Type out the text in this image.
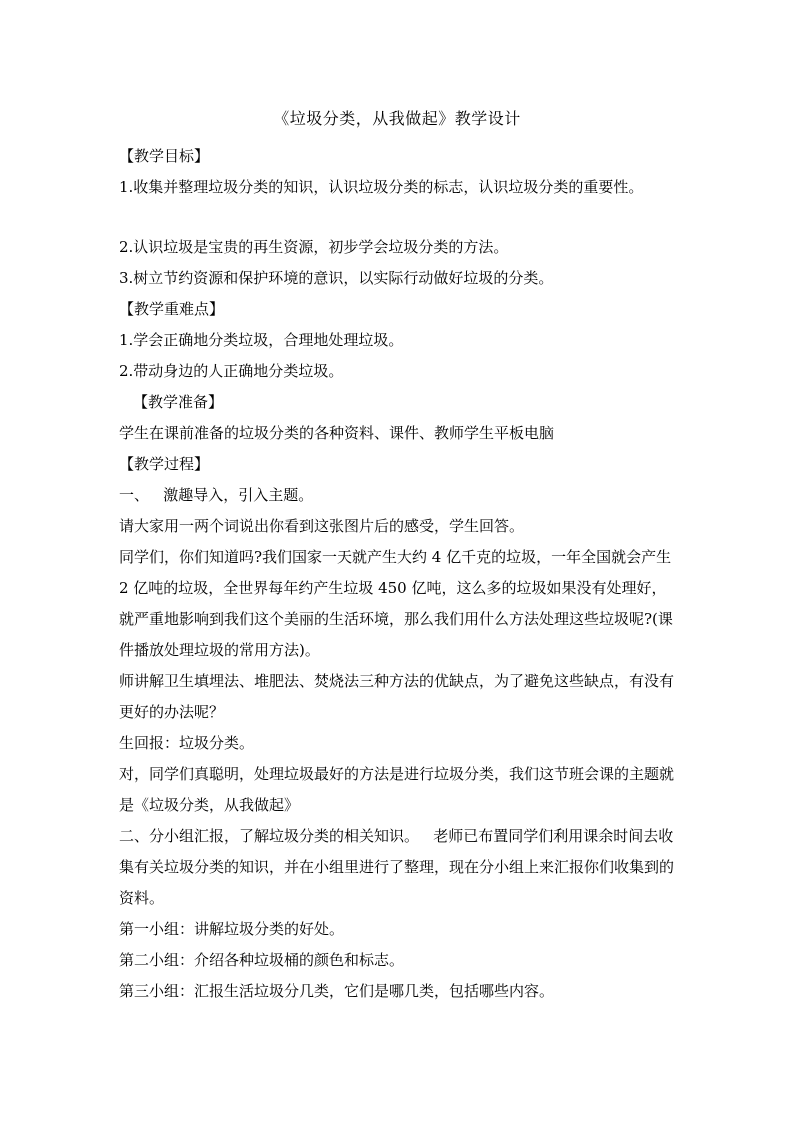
《垃圾分类，从我做起》教学设计

【教学目标】

1.收集并整理垃圾分类的知识，认识垃圾分类的标志，认识垃圾分类的重要性。

2.认识垃圾是宝贵的再生资源，初步学会垃圾分类的方法。

3.树立节约资源和保护环境的意识，以实际行动做好垃圾的分类。

【教学重难点】

1.学会正确地分类垃圾，合理地处理垃圾。

2.带动身边的人正确地分类垃圾。

【教学准备】

学生在课前准备的垃圾分类的各种资料、课件、教师学生平板电脑

【教学过程】

一、   激趣导入，引入主题。

请大家用一两个词说出你看到这张图片后的感受，学生回答。

同学们，你们知道吗?我们国家一天就产生大约 4 亿千克的垃圾，一年全国就会产生 2 亿吨的垃圾，全世界每年约产生垃圾 450 亿吨，这么多的垃圾如果没有处理好，就严重地影响到我们这个美丽的生活环境，那么我们用什么方法处理这些垃圾呢?(课件播放处理垃圾的常用方法)。

师讲解卫生填埋法、堆肥法、焚烧法三种方法的优缺点，为了避免这些缺点，有没有更好的办法呢？

生回报：垃圾分类。

对，同学们真聪明，处理垃圾最好的方法是进行垃圾分类，我们这节班会课的主题就是《垃圾分类，从我做起》

二、分小组汇报，了解垃圾分类的相关知识。   老师已布置同学们利用课余时间去收集有关垃圾分类的知识，并在小组里进行了整理，现在分小组上来汇报你们收集到的资料。

第一小组：讲解垃圾分类的好处。

第二小组：介绍各种垃圾桶的颜色和标志。

第三小组：汇报生活垃圾分几类，它们是哪几类，包括哪些内容。
